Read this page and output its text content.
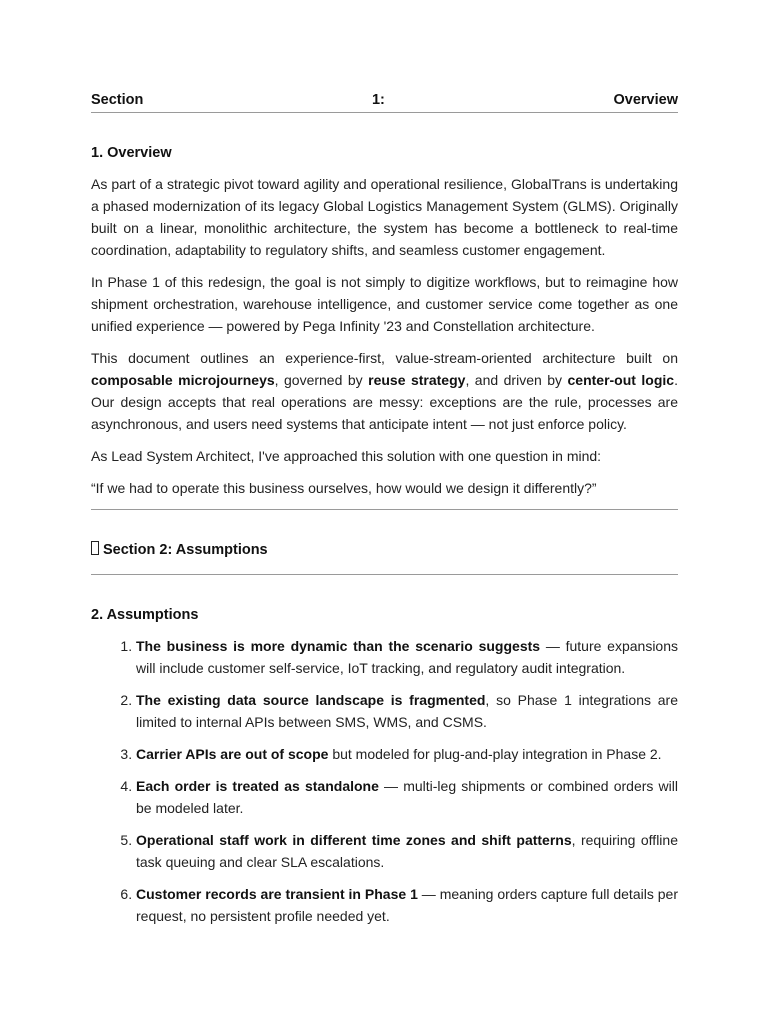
Section	1:	Overview
1. Overview

As part of a strategic pivot toward agility and operational resilience, GlobalTrans is undertaking a phased modernization of its legacy Global Logistics Management System (GLMS). Originally built on a linear, monolithic architecture, the system has become a bottleneck to real-time coordination, adaptability to regulatory shifts, and seamless customer engagement.

In Phase 1 of this redesign, the goal is not simply to digitize workflows, but to reimagine how shipment orchestration, warehouse intelligence, and customer service come together as one unified experience — powered by Pega Infinity '23 and Constellation architecture.

This document outlines an experience-first, value-stream-oriented architecture built on composable microjourneys, governed by reuse strategy, and driven by center-out logic. Our design accepts that real operations are messy: exceptions are the rule, processes are asynchronous, and users need systems that anticipate intent — not just enforce policy.

As Lead System Architect, I've approached this solution with one question in mind:

“If we had to operate this business ourselves, how would we design it differently?”

Section 2: Assumptions
2. Assumptions
1. The business is more dynamic than the scenario suggests — future expansions will include customer self-service, IoT tracking, and regulatory audit integration.
2. The existing data source landscape is fragmented, so Phase 1 integrations are limited to internal APIs between SMS, WMS, and CSMS.
3. Carrier APIs are out of scope but modeled for plug-and-play integration in Phase 2.
4. Each order is treated as standalone — multi-leg shipments or combined orders will be modeled later.
5. Operational staff work in different time zones and shift patterns, requiring offline task queuing and clear SLA escalations.
6. Customer records are transient in Phase 1 — meaning orders capture full details per request, no persistent profile needed yet.
